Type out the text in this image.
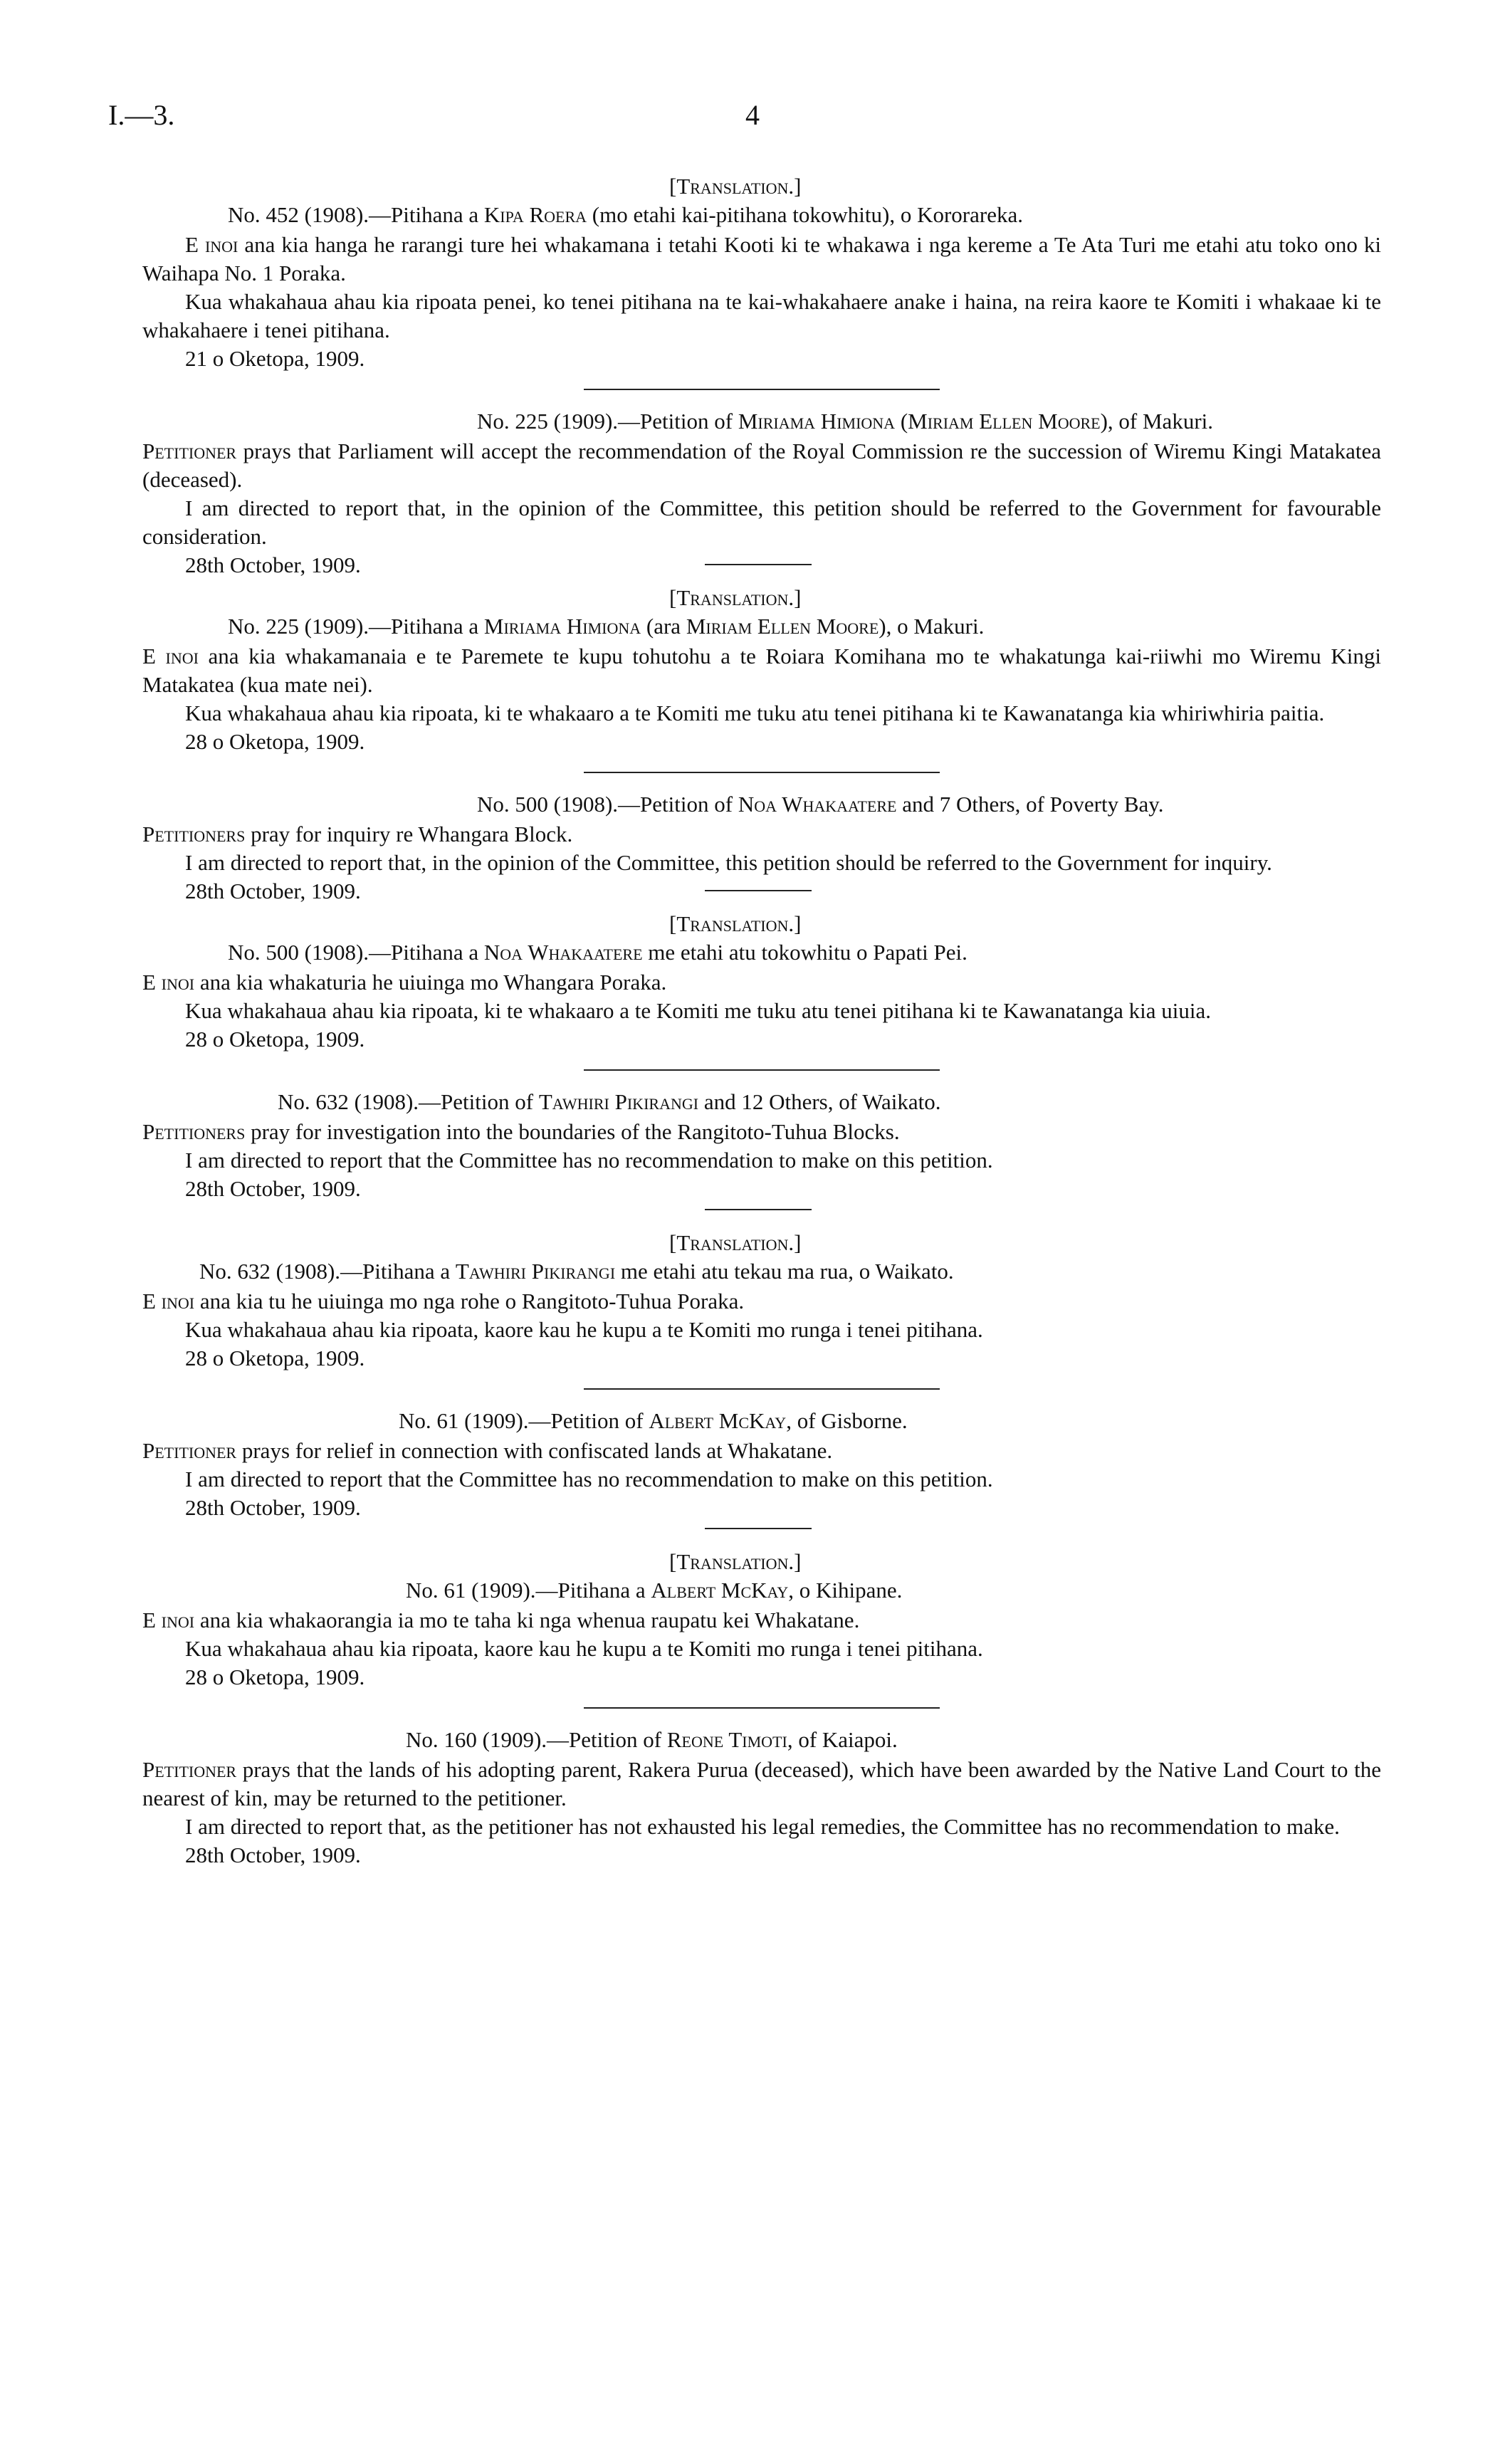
I.—3.	4
[Translation.]

No. 452 (1908).—Pitihana a Kipa Roera (mo etahi kai-pitihana tokowhitu), o Kororareka.

E inoi ana kia hanga he rarangi ture hei whakamana i tetahi Kooti ki te whakawa i nga kereme a Te Ata Turi me etahi atu toko ono ki Waihapa No. 1 Poraka.

Kua whakahaua ahau kia ripoata penei, ko tenei pitihana na te kai-whakahaere anake i haina, na reira kaore te Komiti i whakaae ki te whakahaere i tenei pitihana.

21 o Oketopa, 1909.

No. 225 (1909).—Petition of Miriama Himiona (Miriam Ellen Moore), of Makuri.

Petitioner prays that Parliament will accept the recommendation of the Royal Commission re the succession of Wiremu Kingi Matakatea (deceased).

I am directed to report that, in the opinion of the Committee, this petition should be referred to the Government for favourable consideration.

28th October, 1909.

[Translation.]

No. 225 (1909).—Pitihana a Miriama Himiona (ara Miriam Ellen Moore), o Makuri.

E inoi ana kia whakamanaia e te Paremete te kupu tohutohu a te Roiara Komihana mo te whakatunga kai-riiwhi mo Wiremu Kingi Matakatea (kua mate nei).

Kua whakahaua ahau kia ripoata, ki te whakaaro a te Komiti me tuku atu tenei pitihana ki te Kawanatanga kia whiriwhiria paitia.

28 o Oketopa, 1909.

No. 500 (1908).—Petition of Noa Whakaatere and 7 Others, of Poverty Bay.

Petitioners pray for inquiry re Whangara Block.

I am directed to report that, in the opinion of the Committee, this petition should be referred to the Government for inquiry.

28th October, 1909.

[Translation.]

No. 500 (1908).—Pitihana a Noa Whakaatere me etahi atu tokowhitu o Papati Pei.

E inoi ana kia whakaturia he uiuinga mo Whangara Poraka.

Kua whakahaua ahau kia ripoata, ki te whakaaro a te Komiti me tuku atu tenei pitihana ki te Kawanatanga kia uiuia.

28 o Oketopa, 1909.

No. 632 (1908).—Petition of Tawhiri Pikirangi and 12 Others, of Waikato.

Petitioners pray for investigation into the boundaries of the Rangitoto-Tuhua Blocks.

I am directed to report that the Committee has no recommendation to make on this petition.

28th October, 1909.

[Translation.]

No. 632 (1908).—Pitihana a Tawhiri Pikirangi me etahi atu tekau ma rua, o Waikato.

E inoi ana kia tu he uiuinga mo nga rohe o Rangitoto-Tuhua Poraka.

Kua whakahaua ahau kia ripoata, kaore kau he kupu a te Komiti mo runga i tenei pitihana.

28 o Oketopa, 1909.

No. 61 (1909).—Petition of Albert McKay, of Gisborne.

Petitioner prays for relief in connection with confiscated lands at Whakatane.

I am directed to report that the Committee has no recommendation to make on this petition.

28th October, 1909.

[Translation.]

No. 61 (1909).—Pitihana a Albert McKay, o Kihipane.

E inoi ana kia whakaorangia ia mo te taha ki nga whenua raupatu kei Whakatane.

Kua whakahaua ahau kia ripoata, kaore kau he kupu a te Komiti mo runga i tenei pitihana.

28 o Oketopa, 1909.

No. 160 (1909).—Petition of Reone Timoti, of Kaiapoi.

Petitioner prays that the lands of his adopting parent, Rakera Purua (deceased), which have been awarded by the Native Land Court to the nearest of kin, may be returned to the petitioner.

I am directed to report that, as the petitioner has not exhausted his legal remedies, the Committee has no recommendation to make.

28th October, 1909.
